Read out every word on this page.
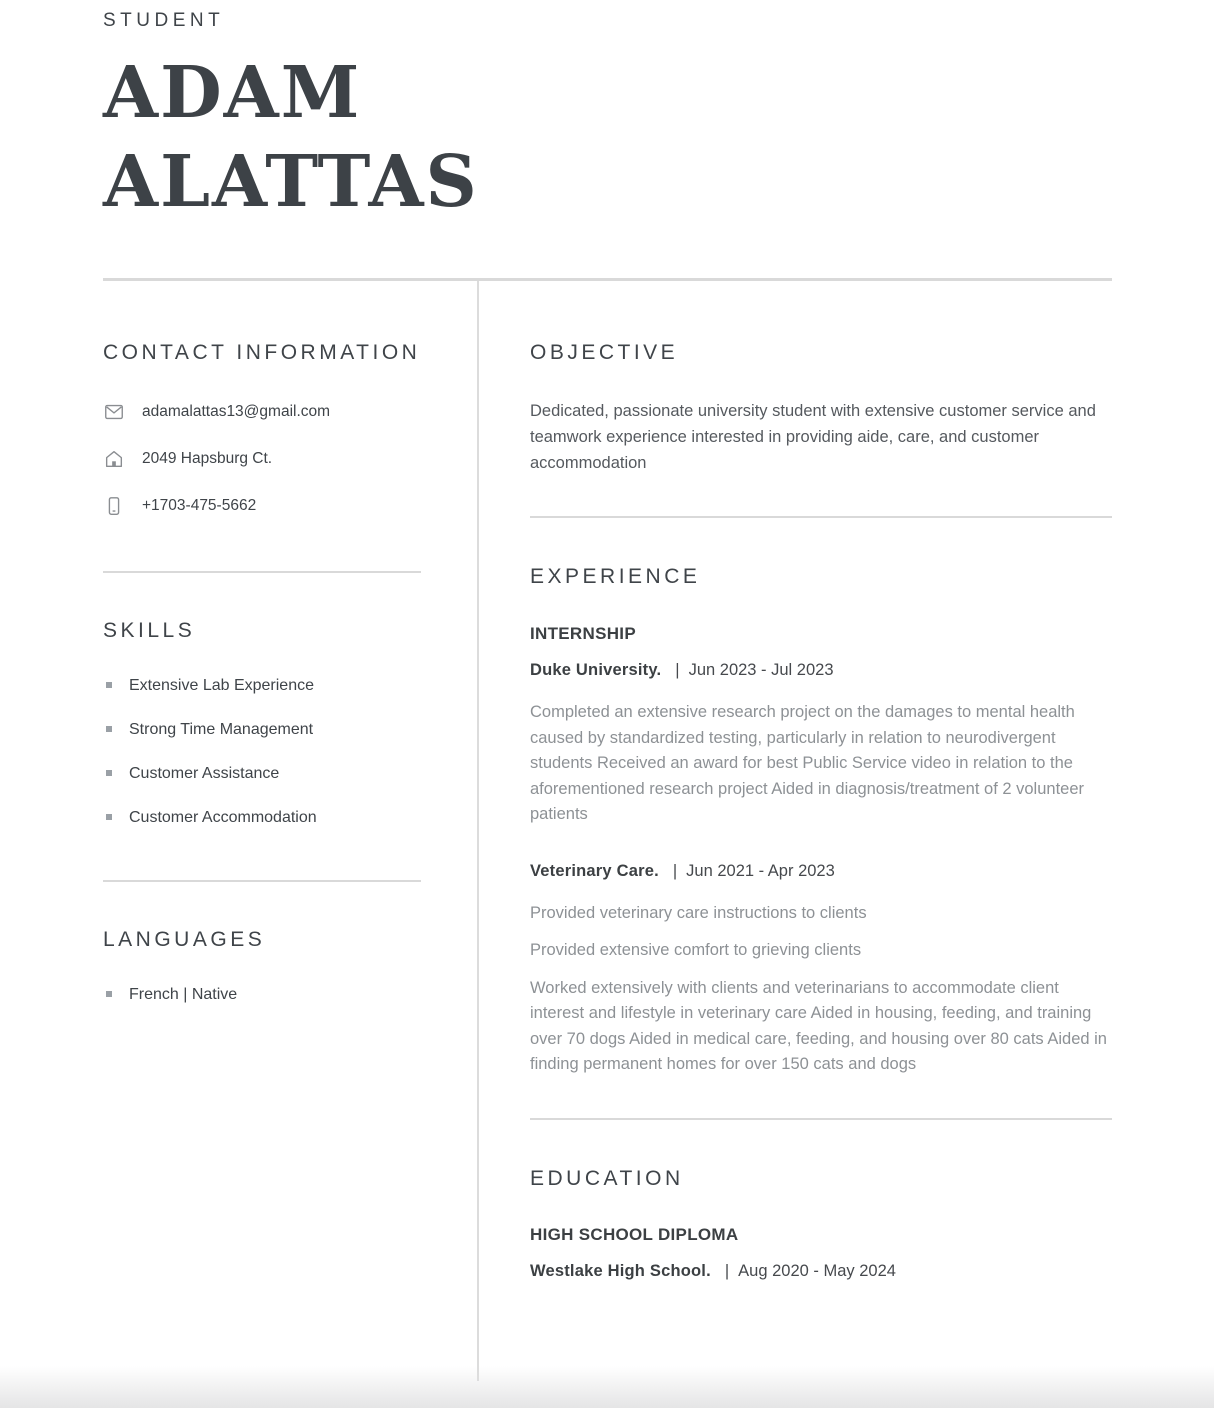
STUDENT
ADAM ALATTAS
CONTACT INFORMATION
adamalattas13@gmail.com
2049 Hapsburg Ct.
+1703-475-5662
SKILLS
Extensive Lab Experience
Strong Time Management
Customer Assistance
Customer Accommodation
LANGUAGES
French | Native
OBJECTIVE

Dedicated, passionate university student with extensive customer service and teamwork experience interested in providing aide, care, and customer accommodation

EXPERIENCE
INTERNSHIP
Duke University. | Jun 2023 - Jul 2023

Completed an extensive research project on the damages to mental health caused by standardized testing, particularly in relation to neurodivergent students Received an award for best Public Service video in relation to the aforementioned research project Aided in diagnosis/treatment of 2 volunteer patients

Veterinary Care. | Jun 2021 - Apr 2023

Provided veterinary care instructions to clients

Provided extensive comfort to grieving clients

Worked extensively with clients and veterinarians to accommodate client interest and lifestyle in veterinary care Aided in housing, feeding, and training over 70 dogs Aided in medical care, feeding, and housing over 80 cats Aided in finding permanent homes for over 150 cats and dogs

EDUCATION
HIGH SCHOOL DIPLOMA
Westlake High School. | Aug 2020 - May 2024
